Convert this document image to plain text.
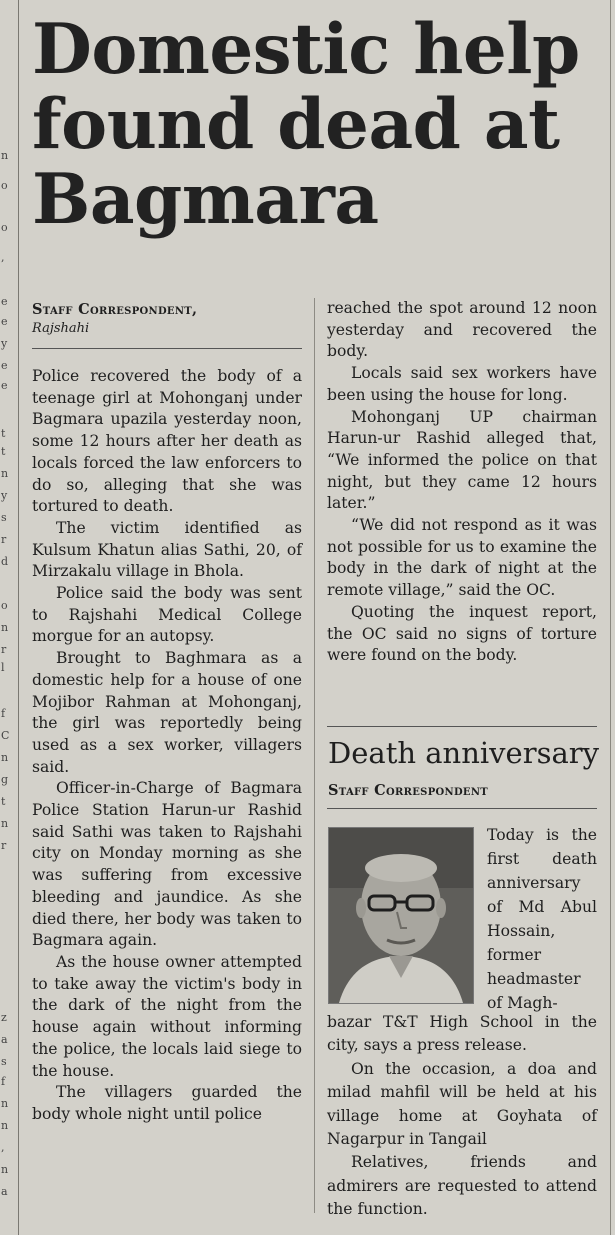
n
o
o
,
e
e
y
e
e
t
t
n
y
s
r
d
o
n
r
l
f
C
n
g
t
n
r
z
a
s
f
n
n
,
n
a
Domestic help found dead at Bagmara
Staff Correspondent,
Rajshahi

Police recovered the body of a teenage girl at Mohonganj under Bagmara upazila yesterday noon, some 12 hours after her death as locals forced the law enforcers to do so, alleging that she was tortured to death.

The victim identified as Kulsum Khatun alias Sathi, 20, of Mirzakalu village in Bhola.

Police said the body was sent to Rajshahi Medical College morgue for an autopsy.

Brought to Baghmara as a domestic help for a house of one Mojibor Rahman at Mohonganj, the girl was reportedly being used as a sex worker, villagers said.

Officer-in-Charge of Bagmara Police Station Harun-ur Rashid said Sathi was taken to Rajshahi city on Monday morning as she was suffering from excessive bleeding and jaundice. As she died there, her body was taken to Bagmara again.

As the house owner attempted to take away the victim's body in the dark of the night from the house again without informing the police, the locals laid siege to the house.

The villagers guarded the body whole night until police

reached the spot around 12 noon yesterday and recovered the body.

Locals said sex workers have been using the house for long.

Mohonganj UP chairman Harun-ur Rashid alleged that, “We informed the police on that night, but they came 12 hours later.”

“We did not respond as it was not possible for us to examine the body in the dark of night at the remote village,” said the OC.

Quoting the inquest report, the OC said no signs of torture were found on the body.

Death anniversary
Staff Correspondent
Today is the first death anniversary of Md Abul Hossain, former headmaster of Magh-

bazar T&T High School in the city, says a press release.

On the occasion, a doa and milad mahfil will be held at his village home at Goyhata of Nagarpur in Tangail

Relatives, friends and admirers are requested to attend the function.
